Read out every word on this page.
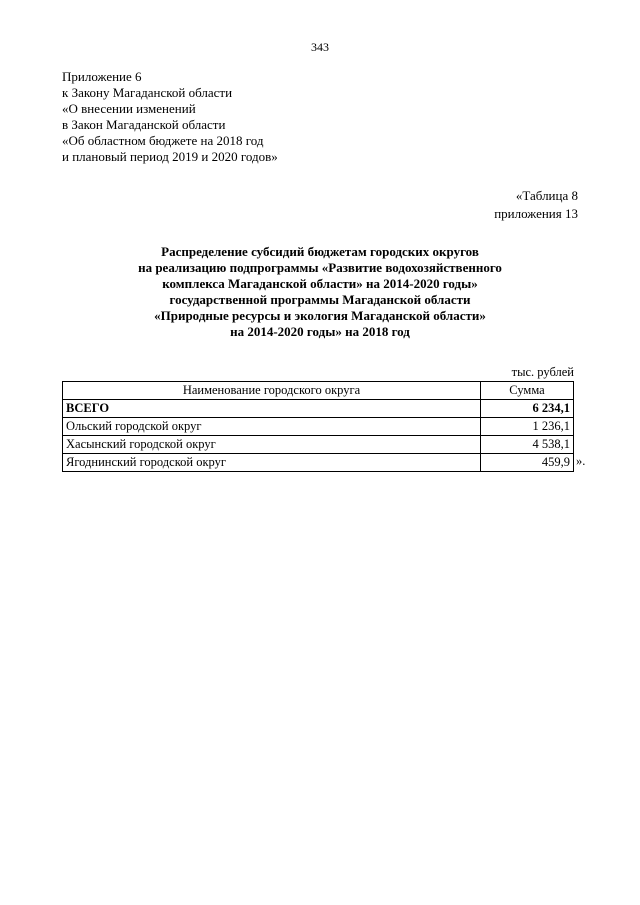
343
Приложение 6
к Закону Магаданской области
«О внесении изменений
в Закон Магаданской области
«Об областном бюджете на 2018 год
и плановый период 2019 и 2020 годов»
«Таблица 8
приложения 13
Распределение субсидий бюджетам городских округов
на реализацию подпрограммы «Развитие водохозяйственного
комплекса Магаданской области» на 2014-2020 годы»
государственной программы Магаданской области
«Природные ресурсы и экология Магаданской области»
на 2014-2020 годы» на 2018 год
тыс. рублей
Наименование городского округа	Сумма
ВСЕГО	6 234,1
Ольский городской округ	1 236,1
Хасынский городской округ	4 538,1
Ягоднинский городской округ	459,9 ».
